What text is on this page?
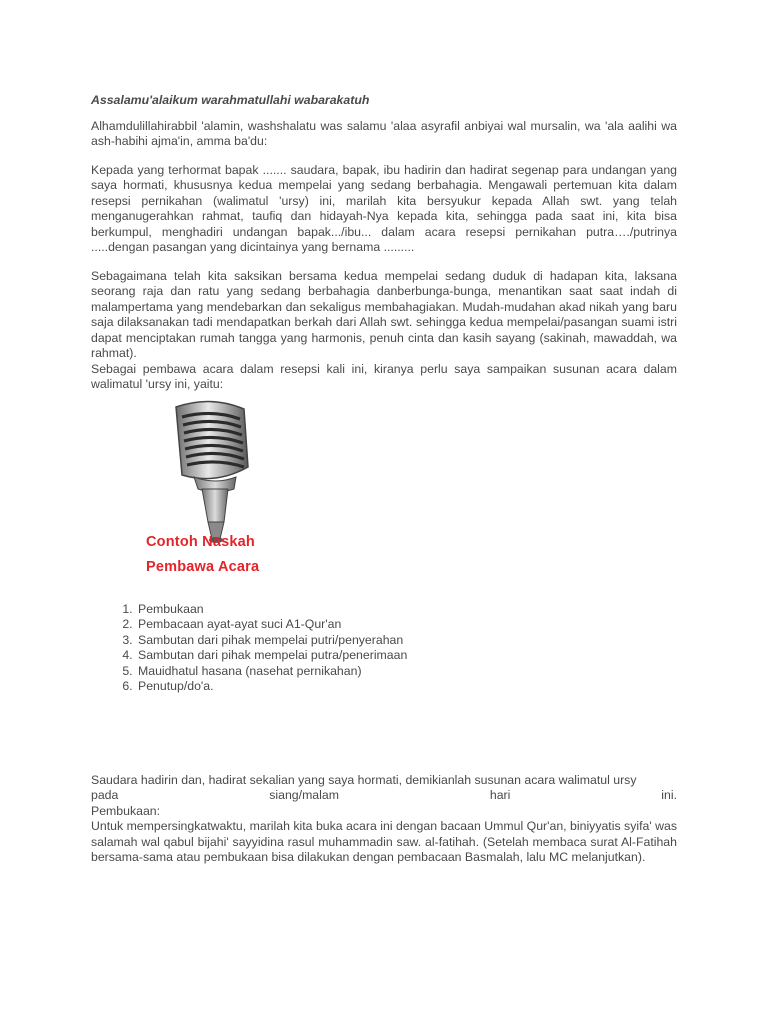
Assalamu'alaikum warahmatullahi wabarakatuh

Alhamdulillahirabbil 'alamin, washshalatu was salamu 'alaa asyrafil anbiyai wal mursalin, wa 'ala aalihi wa ash-habihi ajma'in, amma ba'du:

Kepada yang terhormat bapak ....... saudara, bapak, ibu hadirin dan hadirat segenap para undangan yang saya hormati, khususnya kedua mempelai yang sedang berbahagia. Mengawali pertemuan kita dalam resepsi pernikahan (walimatul 'ursy) ini, marilah kita bersyukur kepada Allah swt. yang telah menganugerahkan rahmat, taufiq dan hidayah-Nya kepada kita, sehingga pada saat ini, kita bisa berkumpul, menghadiri undangan bapak.../ibu... dalam acara resepsi pernikahan putra…./putrinya .....dengan pasangan yang dicintainya yang bernama .........

Sebagaimana telah kita saksikan bersama kedua mempelai sedang duduk di hadapan kita, laksana seorang raja dan ratu yang sedang berbahagia danberbunga-bunga, menantikan saat saat indah di malampertama yang mendebarkan dan sekaligus membahagiakan. Mudah-mudahan akad nikah yang baru saja dilaksanakan tadi mendapatkan berkah dari Allah swt. sehingga kedua mempelai/pasangan suami istri dapat menciptakan rumah tangga yang harmonis, penuh cinta dan kasih sayang (sakinah, mawaddah, wa rahmat).

Sebagai pembawa acara dalam resepsi kali ini, kiranya perlu saya sampaikan susunan acara dalam walimatul 'ursy ini, yaitu:

Contoh Naskah
Pembawa Acara
1. Pembukaan
2. Pembacaan ayat-ayat suci A1-Qur'an
3. Sambutan dari pihak mempelai putri/penyerahan
4. Sambutan dari pihak mempelai putra/penerimaan
5. Mauidhatul hasana (nasehat pernikahan)
6. Penutup/do'a.

Saudara hadirin dan, hadirat sekalian yang saya hormati, demikianlah susunan acara walimatul ursy

pada	siang/malam	hari	ini.

Pembukaan:

Untuk mempersingkatwaktu, marilah kita buka acara ini dengan bacaan Ummul Qur'an, biniyyatis syifa' was salamah wal qabul bijahi' sayyidina rasul muhammadin saw. al-fatihah. (Setelah membaca surat Al-Fatihah bersama-sama atau pembukaan bisa dilakukan dengan pembacaan Basmalah, lalu MC melanjutkan).
